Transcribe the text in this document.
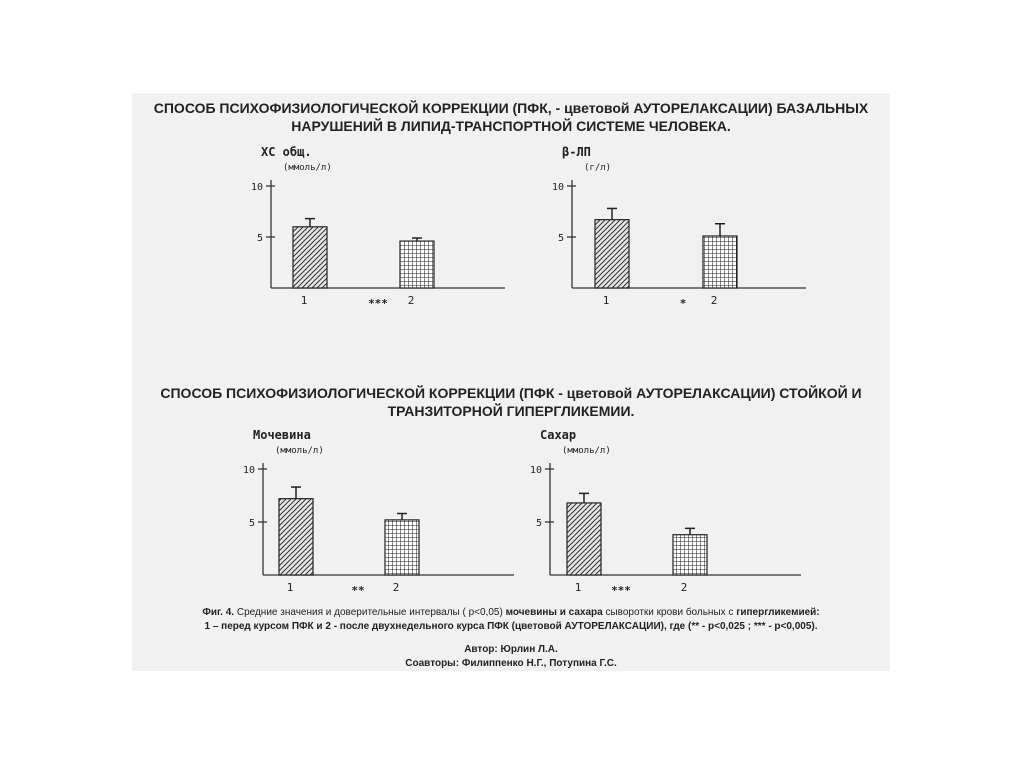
СПОСОБ ПСИХОФИЗИОЛОГИЧЕСКОЙ КОРРЕКЦИИ (ПФК, - цветовой АУТОРЕЛАКСАЦИИ) БАЗАЛЬНЫХ НАРУШЕНИЙ В ЛИПИД-ТРАНСПОРТНОЙ СИСТЕМЕ ЧЕЛОВЕКА.

СПОСОБ ПСИХОФИЗИОЛОГИЧЕСКОЙ КОРРЕКЦИИ (ПФК - цветовой АУТОРЕЛАКСАЦИИ) СТОЙКОЙ И ТРАНЗИТОРНОЙ ГИПЕРГЛИКЕМИИ.

ХС общ.
(ммоль/л)
5
10
1	2
***
β-ЛП
(г/л)
5
10
1	2
*
Мочевина
(ммоль/л)
5
10
1	2
**
Сахар
(ммоль/л)
5
10
1	2
***

Фиг. 4. Средние значения и доверительные интервалы ( p<0,05) мочевины и сахара сыворотки крови больных с гипергликемией:

1 – перед курсом ПФК и 2 - после двухнедельного курса ПФК (цветовой АУТОРЕЛАКСАЦИИ), где (** - p<0,025 ; *** - p<0,005).

Автор: Юрлин Л.А.

Соавторы: Филиппенко Н.Г., Потупина Г.С.
